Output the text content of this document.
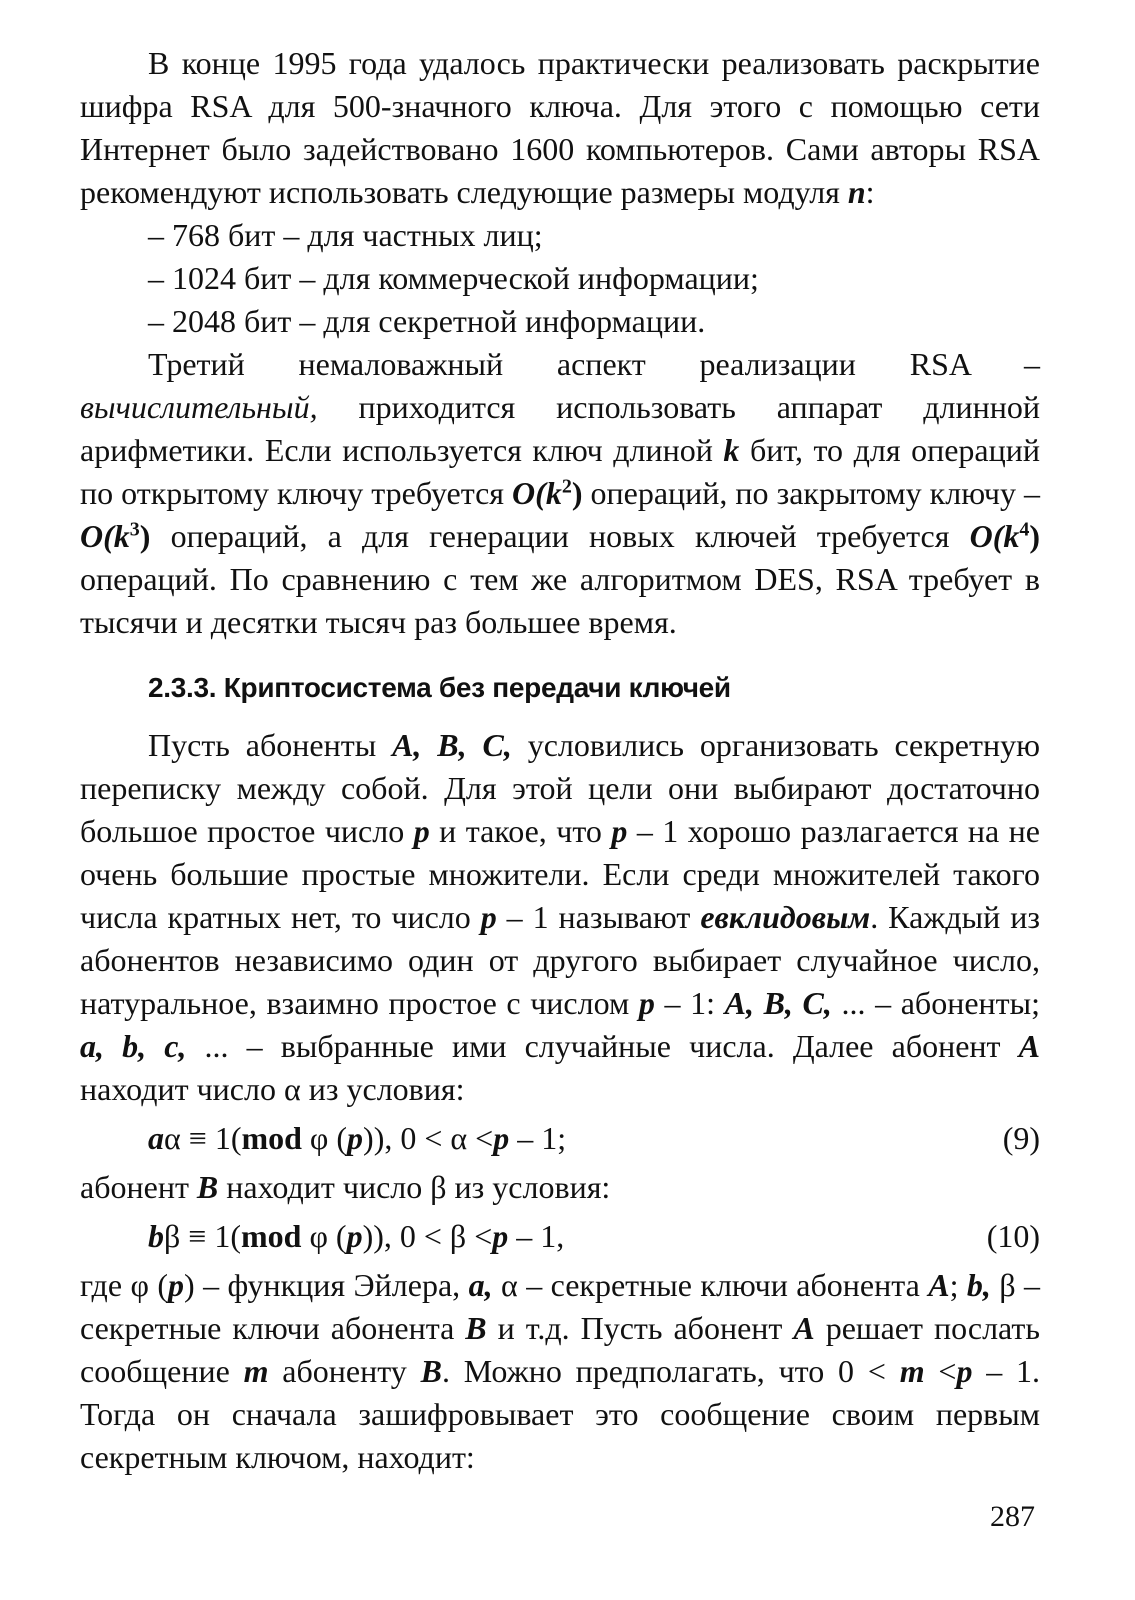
В конце 1995 года удалось практически реализовать раскрытие шифра RSA для 500-значного ключа. Для этого с помощью сети Интернет было задействовано 1600 компьютеров. Сами авторы RSA рекомендуют использовать следующие размеры модуля n:

– 768 бит – для частных лиц;

– 1024 бит – для коммерческой информации;

– 2048 бит – для секретной информации.

Третий немаловажный аспект реализации RSA – вычислительный, приходится использовать аппарат длинной арифметики. Если используется ключ длиной k бит, то для операций по открытому ключу требуется $O(k^2)$ операций, по закрытому ключу – $O(k^3)$ операций, а для генерации новых ключей требуется $O(k^4)$ операций. По сравнению с тем же алгоритмом DES, RSA требует в тысячи и десятки тысяч раз большее время.

2.3.3. Криптосистема без передачи ключей

Пусть абоненты A, B, C, условились организовать секретную переписку между собой. Для этой цели они выбирают достаточно большое простое число p и такое, что p – 1 хорошо разлагается на не очень большие простые множители. Если среди множителей такого числа кратных нет, то число p – 1 называют евклидовым. Каждый из абонентов независимо один от другого выбирает случайное число, натуральное, взаимно простое с числом p – 1: A, B, C, ... – абоненты; a, b, c, ... – выбранные ими случайные числа. Далее абонент A находит число α из условия:

aα ≡ 1(mod φ (p)), 0 < α <p – 1;	(9)

абонент B находит число β из условия:

bβ ≡ 1(mod φ (p)), 0 < β <p – 1,	(10)

где φ (p) – функция Эйлера, a, α – секретные ключи абонента A; b, β – секретные ключи абонента B и т.д. Пусть абонент A решает послать сообщение m абоненту B. Можно предполагать, что 0 < m <p – 1. Тогда он сначала зашифровывает это сообщение своим первым секретным ключом, находит:

287
